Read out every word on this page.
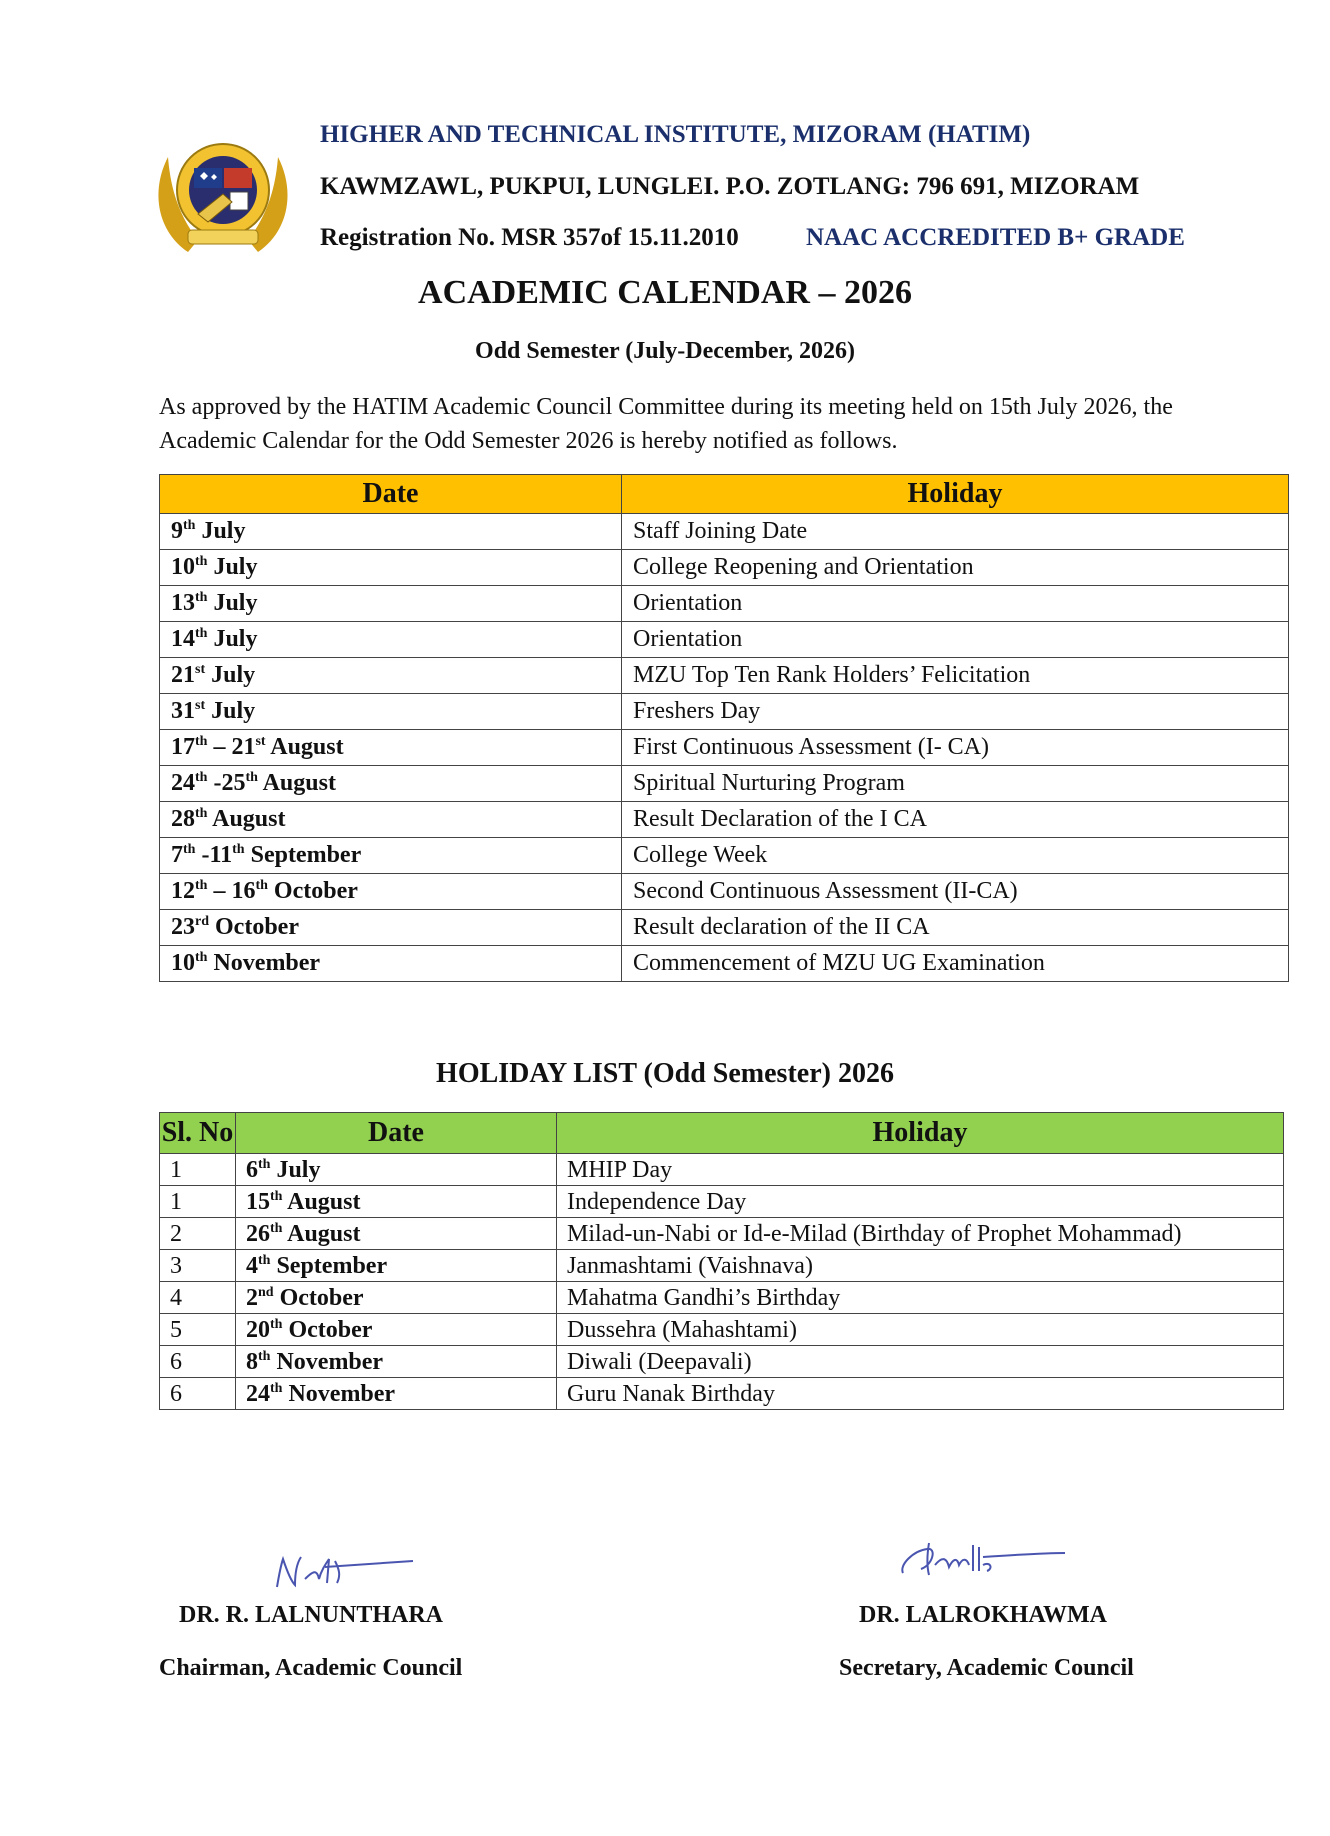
HIGHER AND TECHNICAL INSTITUTE, MIZORAM (HATIM)
KAWMZAWL, PUKPUI, LUNGLEI. P.O. ZOTLANG: 796 691, MIZORAM
Registration No. MSR 357of 15.11.2010	NAAC ACCREDITED B+ GRADE
ACADEMIC CALENDAR – 2026
Odd Semester (July-December, 2026)
As approved by the HATIM Academic Council Committee during its meeting held on 15th July 2026, the Academic Calendar for the Odd Semester 2026 is hereby notified as follows.
Date	Holiday
9th July	Staff Joining Date
10th July	College Reopening and Orientation
13th July	Orientation
14th July	Orientation
21st July	MZU Top Ten Rank Holders’ Felicitation
31st July	Freshers Day
17th – 21st August	First Continuous Assessment (I- CA)
24th -25th August	Spiritual Nurturing Program
28th August	Result Declaration of the I CA
7th -11th September	College Week
12th – 16th October	Second Continuous Assessment (II-CA)
23rd October	Result declaration of the II CA
10th November	Commencement of MZU UG Examination
HOLIDAY LIST (Odd Semester) 2026
Sl. No	Date	Holiday
1	6th July	MHIP Day
1	15th August	Independence Day
2	26th August	Milad-un-Nabi or Id-e-Milad (Birthday of Prophet Mohammad)
3	4th September	Janmashtami (Vaishnava)
4	2nd October	Mahatma Gandhi’s Birthday
5	20th October	Dussehra (Mahashtami)
6	8th November	Diwali (Deepavali)
6	24th November	Guru Nanak Birthday
DR. R. LALNUNTHARA
Chairman, Academic Council
DR. LALROKHAWMA
Secretary, Academic Council
